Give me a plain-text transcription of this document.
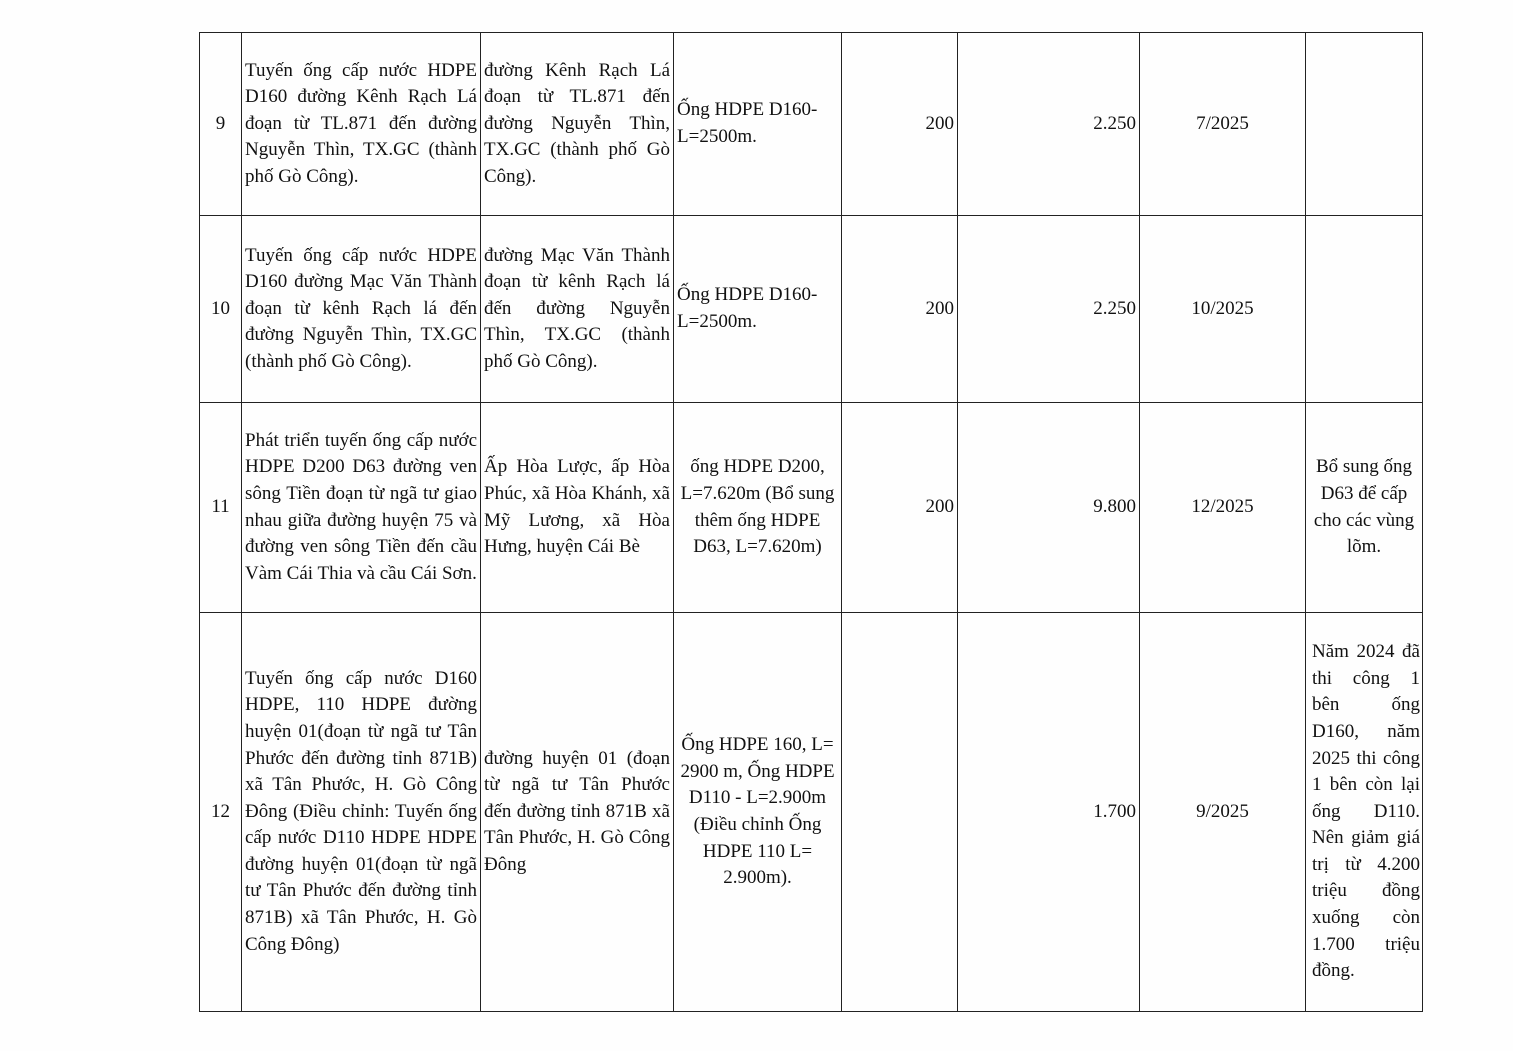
9	Tuyến ống cấp nước HDPE D160 đường Kênh Rạch Lá đoạn từ TL.871 đến đường Nguyễn Thìn, TX.GC (thành phố Gò Công).	đường Kênh Rạch Lá đoạn từ TL.871 đến đường Nguyễn Thìn, TX.GC (thành phố Gò Công).	Ống HDPE D160- L=2500m.	200	2.250	7/2025	
10	Tuyến ống cấp nước HDPE D160 đường Mạc Văn Thành đoạn từ kênh Rạch lá đến đường Nguyễn Thìn, TX.GC (thành phố Gò Công).	đường Mạc Văn Thành đoạn từ kênh Rạch lá đến đường Nguyễn Thìn, TX.GC (thành phố Gò Công).	Ống HDPE D160- L=2500m.	200	2.250	10/2025	
11	Phát triển tuyến ống cấp nước HDPE D200 D63 đường ven sông Tiền đoạn từ ngã tư giao nhau giữa đường huyện 75 và đường ven sông Tiền đến cầu Vàm Cái Thia và cầu Cái Sơn.	Ấp Hòa Lược, ấp Hòa Phúc, xã Hòa Khánh, xã Mỹ Lương, xã Hòa Hưng, huyện Cái Bè	ống HDPE D200, L=7.620m (Bổ sung thêm ống HDPE D63, L=7.620m)	200	9.800	12/2025	Bổ sung ống D63 để cấp cho các vùng lõm.
12	Tuyến ống cấp nước D160 HDPE, 110 HDPE đường huyện 01(đoạn từ ngã tư Tân Phước đến đường tỉnh 871B) xã Tân Phước, H. Gò Công Đông (Điều chỉnh: Tuyến ống cấp nước D110 HDPE HDPE đường huyện 01(đoạn từ ngã tư Tân Phước đến đường tỉnh 871B) xã Tân Phước, H. Gò Công Đông)	đường huyện 01 (đoạn từ ngã tư Tân Phước đến đường tỉnh 871B xã Tân Phước, H. Gò Công Đông	Ống HDPE 160, L= 2900 m, Ống HDPE D110 - L=2.900m (Điều chỉnh Ống HDPE 110 L= 2.900m).		1.700	9/2025	Năm 2024 đã thi công 1 bên ống D160, năm 2025 thi công 1 bên còn lại ống D110. Nên giảm giá trị từ 4.200 triệu đồng xuống còn 1.700 triệu đồng.
